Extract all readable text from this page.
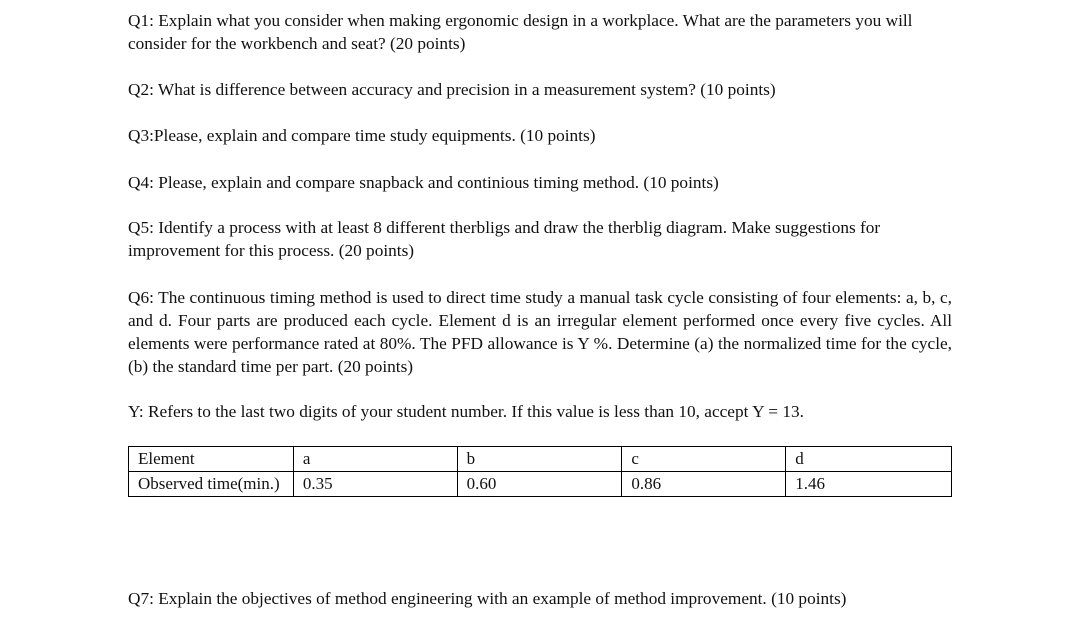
Q1: Explain what you consider when making ergonomic design in a workplace. What are the parameters you will consider for the workbench and seat? (20 points)

Q2: What is difference between accuracy and precision in a measurement system? (10 points)

Q3:Please, explain and compare time study equipments. (10 points)

Q4: Please, explain and compare snapback and continious timing method. (10 points)

Q5: Identify a process with at least 8 different therbligs and draw the therblig diagram. Make suggestions for improvement for this process. (20 points)

Q6: The continuous timing method is used to direct time study a manual task cycle consisting of four elements: a, b, c, and d. Four parts are produced each cycle. Element d is an irregular element performed once every five cycles. All elements were performance rated at 80%. The PFD allowance is Y %. Determine (a) the normalized time for the cycle, (b) the standard time per part. (20 points)

Y: Refers to the last two digits of your student number. If this value is less than 10, accept Y = 13.

Element	a	b	c	d
Observed time(min.)	0.35	0.60	0.86	1.46

Q7: Explain the objectives of method engineering with an example of method improvement. (10 points)
